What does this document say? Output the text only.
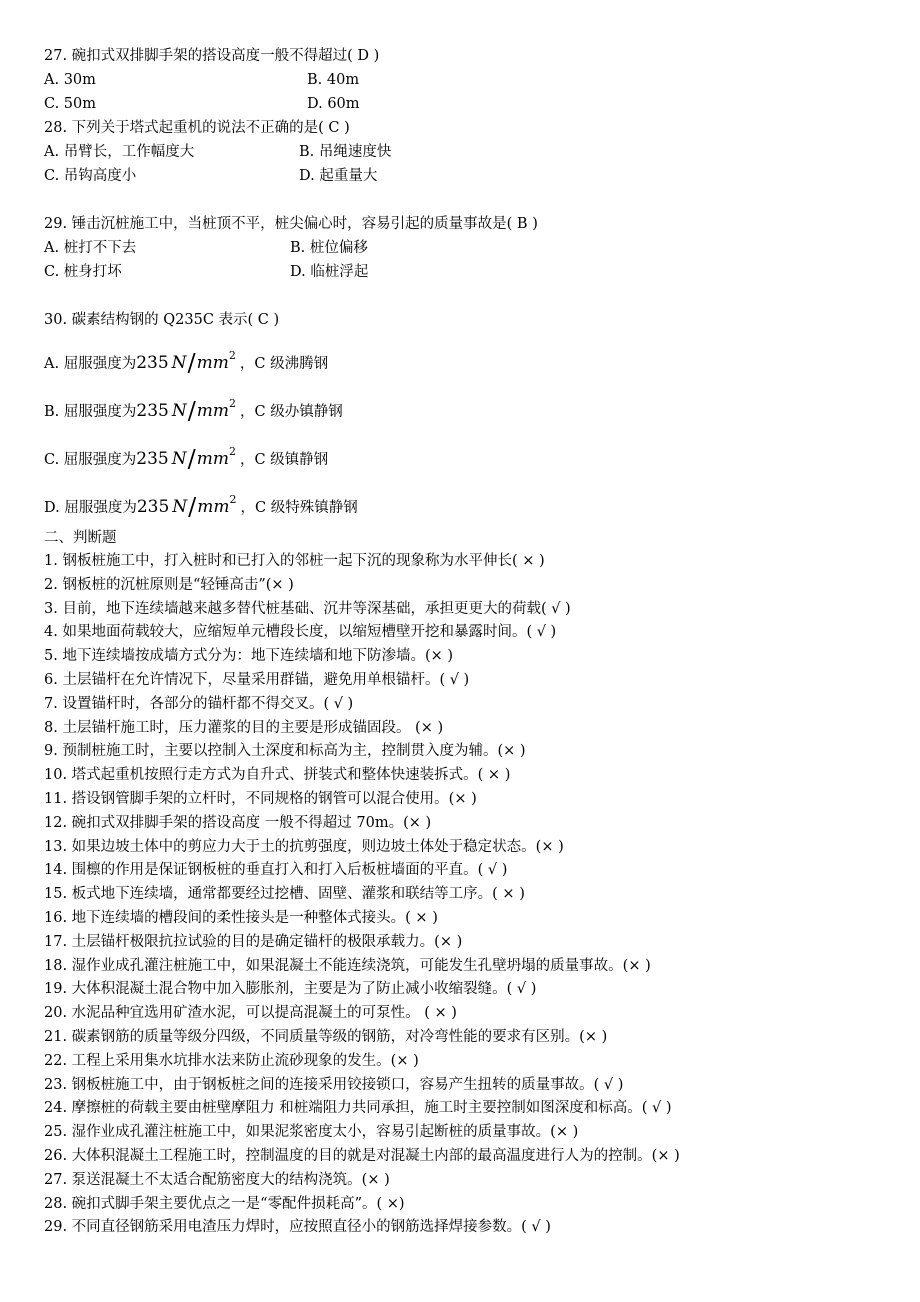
27. 碗扣式双排脚手架的搭设高度一般不得超过( D )
A. 30m	B. 40m
C. 50m	D. 60m
28. 下列关于塔式起重机的说法不正确的是( C )
A. 吊臂长，工作幅度大	B. 吊绳速度快
C. 吊钩高度小	D. 起重量大
29. 锤击沉桩施工中，当桩顶不平，桩尖偏心时，容易引起的质量事故是( B )
A. 桩打不下去	B. 桩位偏移
C. 桩身打坏	D. 临桩浮起
30. 碳素结构钢的 Q235C 表示( C )
A. 屈服强度为235 $N/mm^2$，C 级沸腾钢
B. 屈服强度为235 $N/mm^2$，C 级办镇静钢
C. 屈服强度为235 $N/mm^2$，C 级镇静钢
D. 屈服强度为235 $N/mm^2$，C 级特殊镇静钢
二、判断题
1. 钢板桩施工中，打入桩时和已打入的邻桩一起下沉的现象称为水平伸长( × )
2. 钢板桩的沉桩原则是“轻锤高击”(× )
3. 目前，地下连续墙越来越多替代桩基础、沉井等深基础，承担更更大的荷载( √ )
4. 如果地面荷载较大，应缩短单元槽段长度，以缩短槽壁开挖和暴露时间。( √ )
5. 地下连续墙按成墙方式分为：地下连续墙和地下防渗墙。(× )
6. 土层锚杆在允许情况下，尽量采用群锚，避免用单根锚杆。( √ )
7. 设置锚杆时，各部分的锚杆都不得交叉。( √ )
8. 土层锚杆施工时，压力灌浆的目的主要是形成锚固段。 (× )
9. 预制桩施工时，主要以控制入土深度和标高为主，控制贯入度为辅。(× )
10. 塔式起重机按照行走方式为自升式、拼装式和整体快速装拆式。( × )
11. 搭设钢管脚手架的立杆时，不同规格的钢管可以混合使用。(× )
12. 碗扣式双排脚手架的搭设高度 一般不得超过 70m。(× )
13. 如果边坡土体中的剪应力大于土的抗剪强度，则边坡土体处于稳定状态。(× )
14. 围檩的作用是保证钢板桩的垂直打入和打入后板桩墙面的平直。( √ )
15. 板式地下连续墙，通常都要经过挖槽、固壁、灌浆和联结等工序。( × )
16. 地下连续墙的槽段间的柔性接头是一种整体式接头。( × )
17. 土层锚杆极限抗拉试验的目的是确定锚杆的极限承载力。(× )
18. 湿作业成孔灌注桩施工中，如果混凝土不能连续浇筑，可能发生孔壁坍塌的质量事故。(× )
19. 大体积混凝土混合物中加入膨胀剂，主要是为了防止减小收缩裂缝。( √ )
20. 水泥品种宜选用矿渣水泥，可以提高混凝土的可泵性。 ( × )
21. 碳素钢筋的质量等级分四级，不同质量等级的钢筋，对冷弯性能的要求有区别。(× )
22. 工程上采用集水坑排水法来防止流砂现象的发生。(× )
23. 钢板桩施工中，由于钢板桩之间的连接采用铰接锁口，容易产生扭转的质量事故。( √ )
24. 摩擦桩的荷载主要由桩壁摩阻力 和桩端阻力共同承担，施工时主要控制如图深度和标高。( √ )
25. 湿作业成孔灌注桩施工中，如果泥浆密度太小，容易引起断桩的质量事故。(× )
26. 大体积混凝土工程施工时，控制温度的目的就是对混凝土内部的最高温度进行人为的控制。(× )
27. 泵送混凝土不太适合配筋密度大的结构浇筑。(× )
28. 碗扣式脚手架主要优点之一是“零配件损耗高”。( ×)
29. 不同直径钢筋采用电渣压力焊时，应按照直径小的钢筋选择焊接参数。( √ )
